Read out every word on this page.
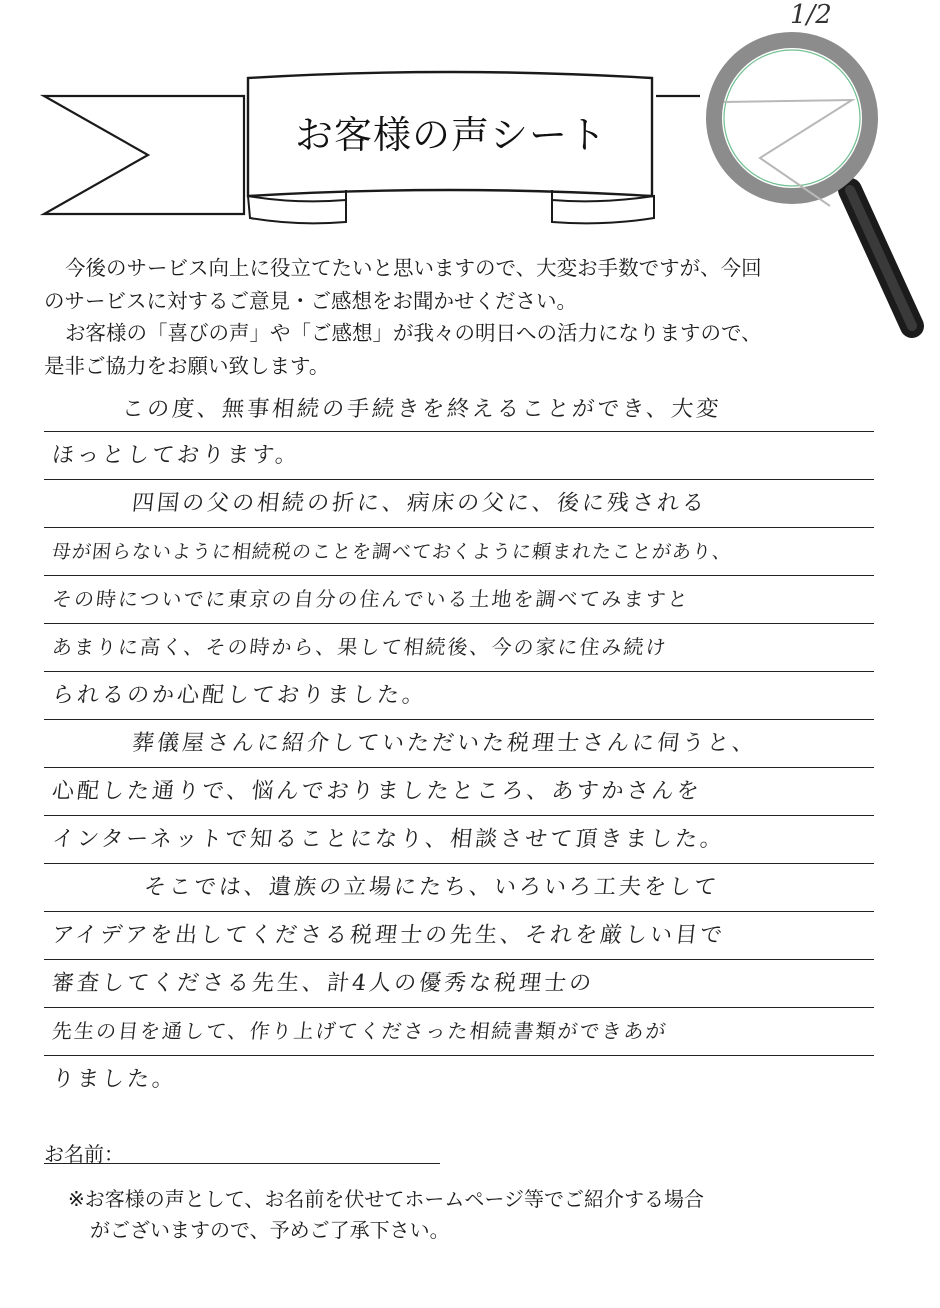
お客様の声シート
1/2

今後のサービス向上に役立てたいと思いますので、大変お手数ですが、今回

のサービスに対するご意見・ご感想をお聞かせください。

お客様の「喜びの声」や「ご感想」が我々の明日への活力になりますので、

是非ご協力をお願い致します。

この度、無事相続の手続きを終えることができ、大変
ほっとしております。
四国の父の相続の折に、病床の父に、後に残される
母が困らないように相続税のことを調べておくように頼まれたことがあり、
その時についでに東京の自分の住んでいる土地を調べてみますと
あまりに高く、その時から、果して相続後、今の家に住み続け
られるのか心配しておりました。
葬儀屋さんに紹介していただいた税理士さんに伺うと、
心配した通りで、悩んでおりましたところ、あすかさんを
インターネットで知ることになり、相談させて頂きました。
そこでは、遺族の立場にたち、いろいろ工夫をして
アイデアを出してくださる税理士の先生、それを厳しい目で
審査してくださる先生、計4人の優秀な税理士の
先生の目を通して、作り上げてくださった相続書類ができあが
りました。
お名前：

※お客様の声として、お名前を伏せてホームページ等でご紹介する場合

がございますので、予めご了承下さい。
